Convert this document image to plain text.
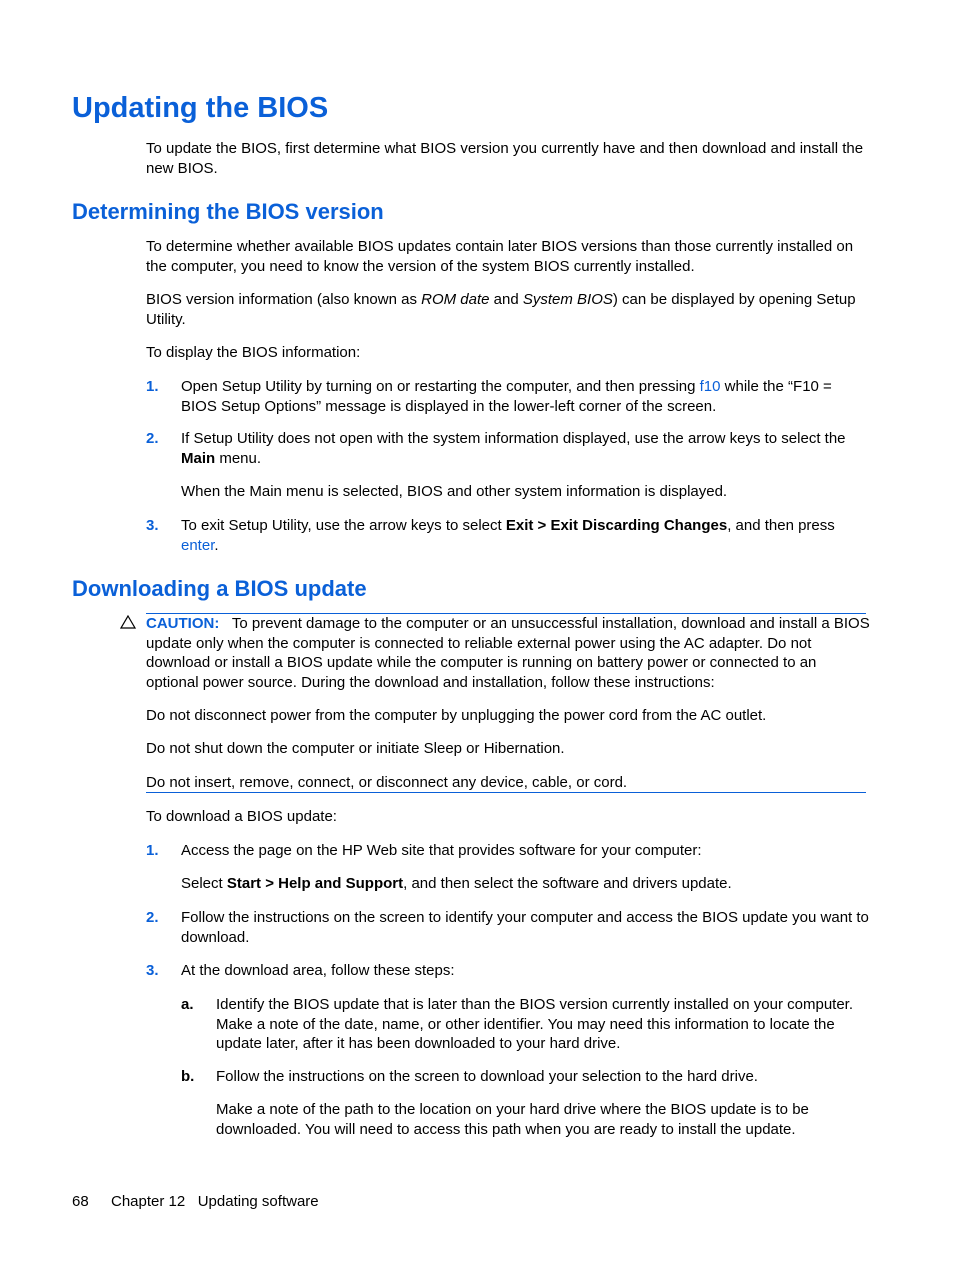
Updating the BIOS

To update the BIOS, first determine what BIOS version you currently have and then download and install the new BIOS.

Determining the BIOS version

To determine whether available BIOS updates contain later BIOS versions than those currently installed on the computer, you need to know the version of the system BIOS currently installed.

BIOS version information (also known as ROM date and System BIOS) can be displayed by opening Setup Utility.

To display the BIOS information:

1. Open Setup Utility by turning on or restarting the computer, and then pressing f10 while the “F10 = BIOS Setup Options” message is displayed in the lower-left corner of the screen.

2. If Setup Utility does not open with the system information displayed, use the arrow keys to select the Main menu.

When the Main menu is selected, BIOS and other system information is displayed.

3. To exit Setup Utility, use the arrow keys to select Exit > Exit Discarding Changes, and then press enter.

Downloading a BIOS update

CAUTION: To prevent damage to the computer or an unsuccessful installation, download and install a BIOS update only when the computer is connected to reliable external power using the AC adapter. Do not download or install a BIOS update while the computer is running on battery power or connected to an optional power source. During the download and installation, follow these instructions:

Do not disconnect power from the computer by unplugging the power cord from the AC outlet.

Do not shut down the computer or initiate Sleep or Hibernation.

Do not insert, remove, connect, or disconnect any device, cable, or cord.

To download a BIOS update:

1. Access the page on the HP Web site that provides software for your computer:

Select Start > Help and Support, and then select the software and drivers update.

2. Follow the instructions on the screen to identify your computer and access the BIOS update you want to download.

3. At the download area, follow these steps:

a. Identify the BIOS update that is later than the BIOS version currently installed on your computer. Make a note of the date, name, or other identifier. You may need this information to locate the update later, after it has been downloaded to your hard drive.

b. Follow the instructions on the screen to download your selection to the hard drive.

Make a note of the path to the location on your hard drive where the BIOS update is to be downloaded. You will need to access this path when you are ready to install the update.

68 Chapter 12   Updating software
